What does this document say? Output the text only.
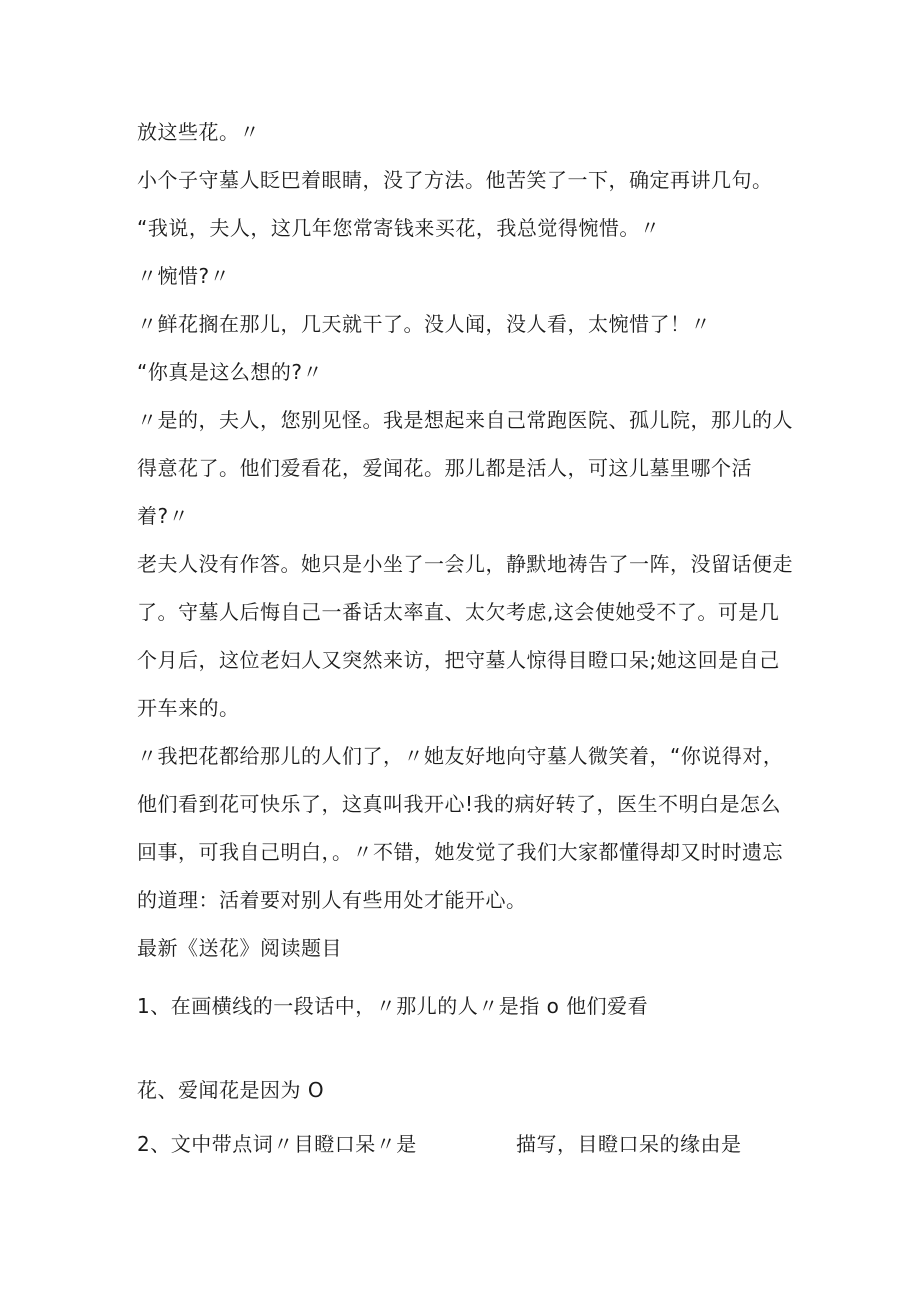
放这些花。〃
小个子守墓人眨巴着眼睛，没了方法。他苦笑了一下，确定再讲几句。
“我说，夫人，这几年您常寄钱来买花，我总觉得惋惜。〃
〃惋惜?〃
〃鲜花搁在那儿，几天就干了。没人闻，没人看，太惋惜了！〃
“你真是这么想的?〃
〃是的，夫人，您别见怪。我是想起来自己常跑医院、孤儿院，那儿的人
得意花了。他们爱看花，爱闻花。那儿都是活人，可这儿墓里哪个活
着?〃
老夫人没有作答。她只是小坐了一会儿，静默地祷告了一阵，没留话便走
了。守墓人后悔自己一番话太率直、太欠考虑,这会使她受不了。可是几
个月后，这位老妇人又突然来访，把守墓人惊得目瞪口呆;她这回是自己
开车来的。
〃我把花都给那儿的人们了，〃她友好地向守墓人微笑着，“你说得对，
他们看到花可快乐了，这真叫我开心!我的病好转了，医生不明白是怎么
回事，可我自己明白，。〃不错，她发觉了我们大家都懂得却又时时遗忘
的道理：活着要对别人有些用处才能开心。
最新《送花》阅读题目
1、在画横线的一段话中，〃那儿的人〃是指 o 他们爱看
花、爱闻花是因为 O
2、文中带点词〃目瞪口呆〃是	描写，目瞪口呆的缘由是
